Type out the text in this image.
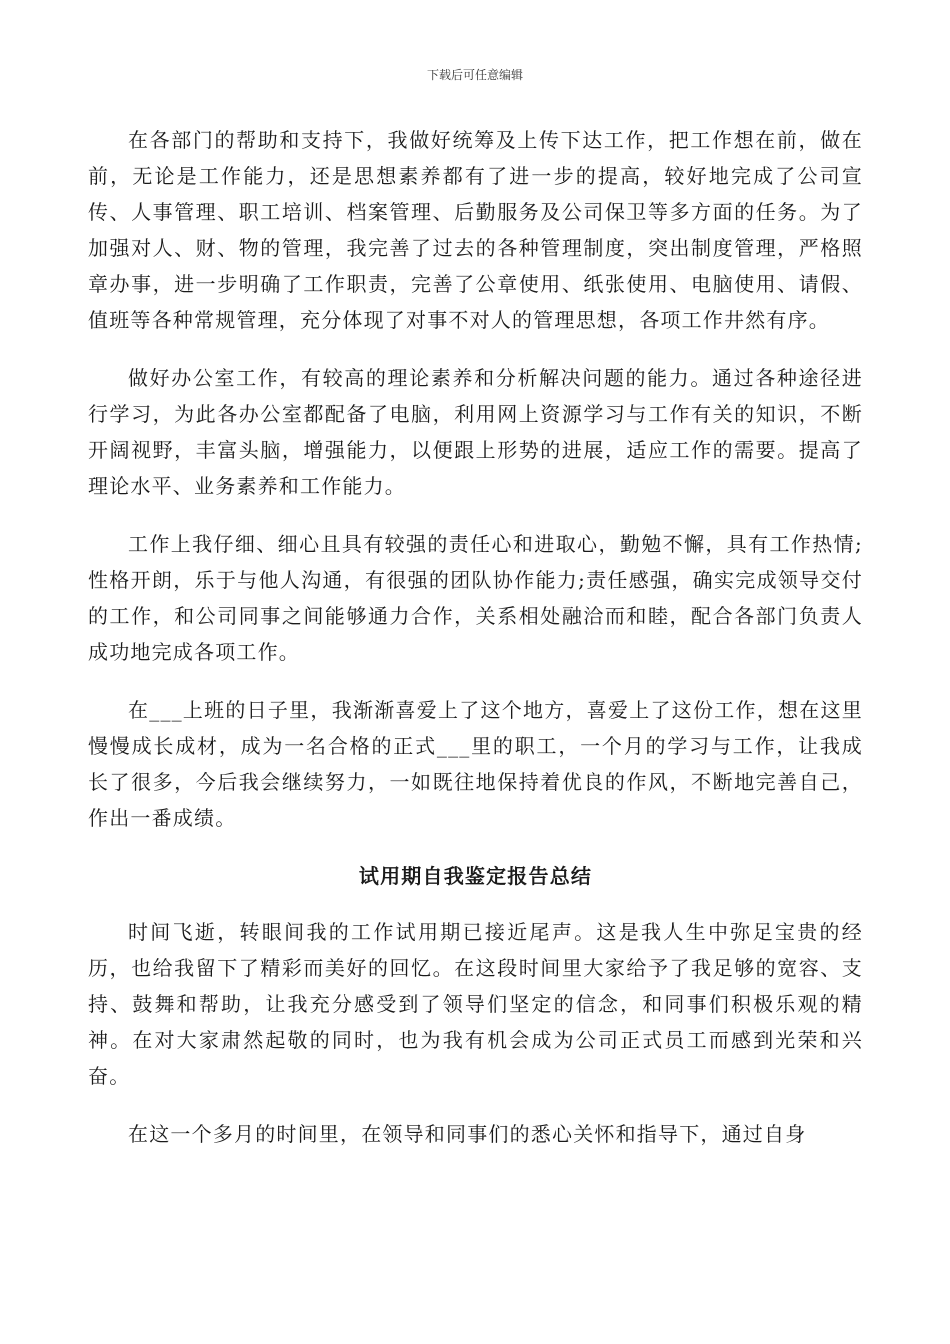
下载后可任意编辑

在各部门的帮助和支持下，我做好统筹及上传下达工作，把工作想在前，做在前，无论是工作能力，还是思想素养都有了进一步的提高，较好地完成了公司宣传、人事管理、职工培训、档案管理、后勤服务及公司保卫等多方面的任务。为了加强对人、财、物的管理，我完善了过去的各种管理制度，突出制度管理，严格照章办事，进一步明确了工作职责，完善了公章使用、纸张使用、电脑使用、请假、值班等各种常规管理，充分体现了对事不对人的管理思想，各项工作井然有序。

做好办公室工作，有较高的理论素养和分析解决问题的能力。通过各种途径进行学习，为此各办公室都配备了电脑，利用网上资源学习与工作有关的知识，不断开阔视野，丰富头脑，增强能力，以便跟上形势的进展，适应工作的需要。提高了理论水平、业务素养和工作能力。

工作上我仔细、细心且具有较强的责任心和进取心，勤勉不懈，具有工作热情;性格开朗，乐于与他人沟通，有很强的团队协作能力;责任感强，确实完成领导交付的工作，和公司同事之间能够通力合作，关系相处融洽而和睦，配合各部门负责人成功地完成各项工作。

在___上班的日子里，我渐渐喜爱上了这个地方，喜爱上了这份工作，想在这里慢慢成长成材，成为一名合格的正式___里的职工，一个月的学习与工作，让我成长了很多，今后我会继续努力，一如既往地保持着优良的作风，不断地完善自己，作出一番成绩。

试用期自我鉴定报告总结

时间飞逝，转眼间我的工作试用期已接近尾声。这是我人生中弥足宝贵的经历，也给我留下了精彩而美好的回忆。在这段时间里大家给予了我足够的宽容、支持、鼓舞和帮助，让我充分感受到了领导们坚定的信念，和同事们积极乐观的精神。在对大家肃然起敬的同时，也为我有机会成为公司正式员工而感到光荣和兴奋。

在这一个多月的时间里，在领导和同事们的悉心关怀和指导下，通过自身
